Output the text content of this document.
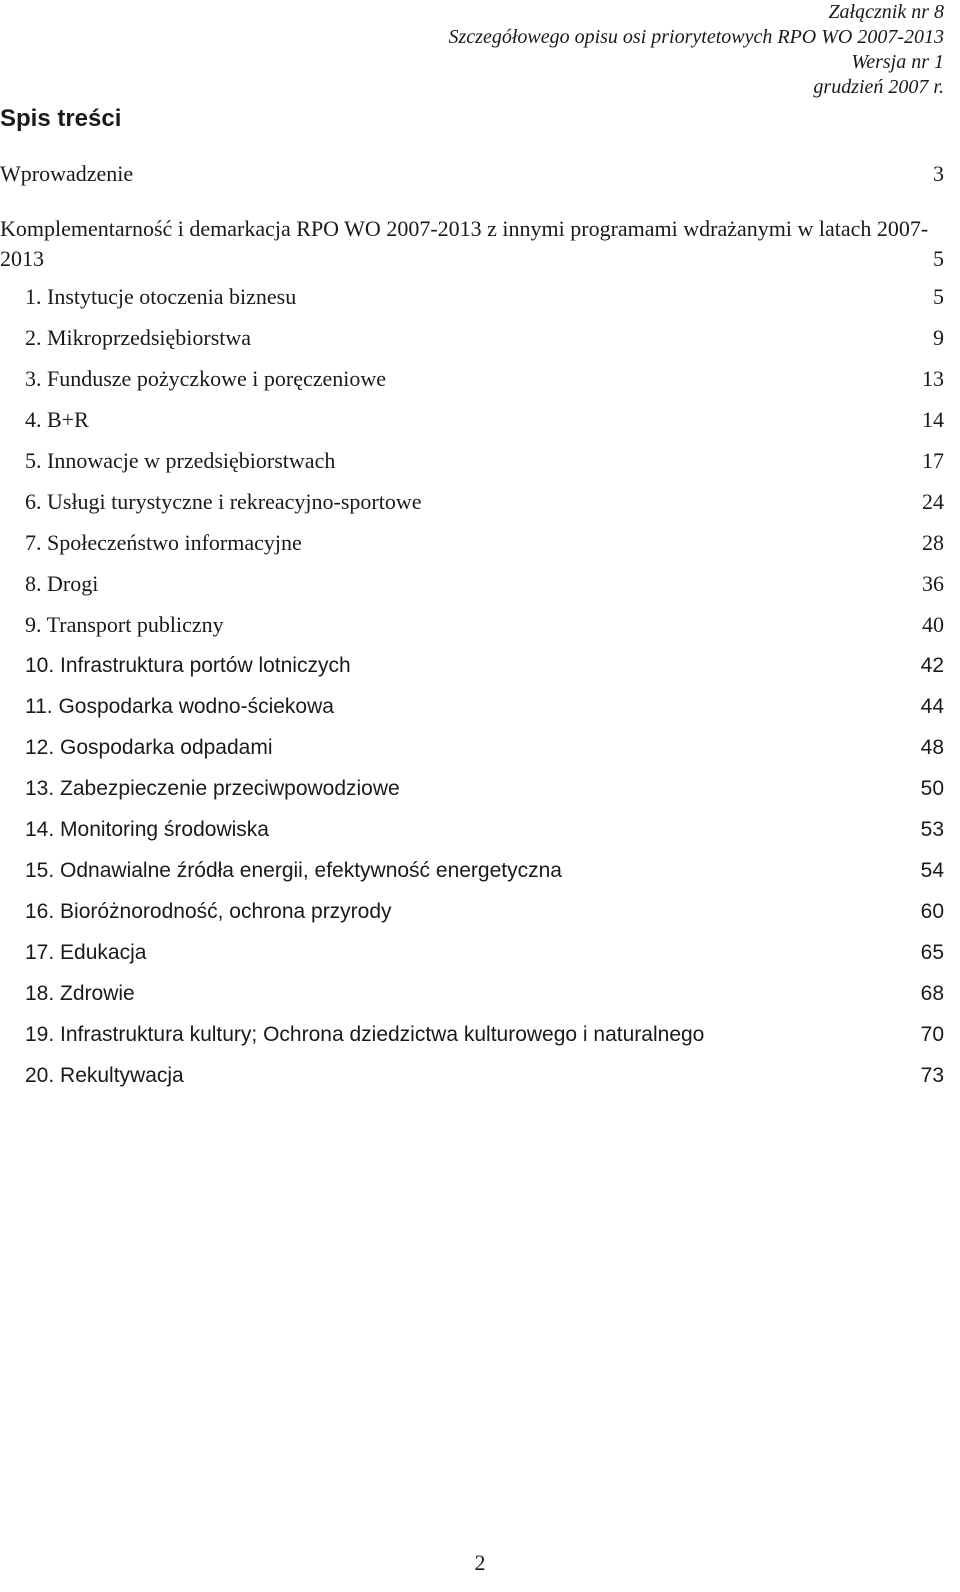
Załącznik nr 8
Szczegółowego opisu osi priorytetowych RPO WO 2007-2013
Wersja nr 1
grudzień 2007 r.
Spis treści
Wprowadzenie	3
Komplementarność i demarkacja RPO WO 2007-2013 z innymi programami wdrażanymi w latach 2007-2013	5
1. Instytucje otoczenia biznesu	5
2. Mikroprzedsiębiorstwa	9
3. Fundusze pożyczkowe i poręczeniowe	13
4. B+R	14
5. Innowacje w przedsiębiorstwach	17
6. Usługi turystyczne i rekreacyjno-sportowe	24
7. Społeczeństwo informacyjne	28
8. Drogi	36
9. Transport publiczny	40
10. Infrastruktura portów lotniczych	42
11. Gospodarka wodno-ściekowa	44
12. Gospodarka odpadami	48
13. Zabezpieczenie przeciwpowodziowe	50
14. Monitoring środowiska	53
15. Odnawialne źródła energii, efektywność energetyczna	54
16. Bioróżnorodność, ochrona przyrody	60
17. Edukacja	65
18. Zdrowie	68
19. Infrastruktura kultury; Ochrona dziedzictwa kulturowego i naturalnego	70
20. Rekultywacja	73
2
